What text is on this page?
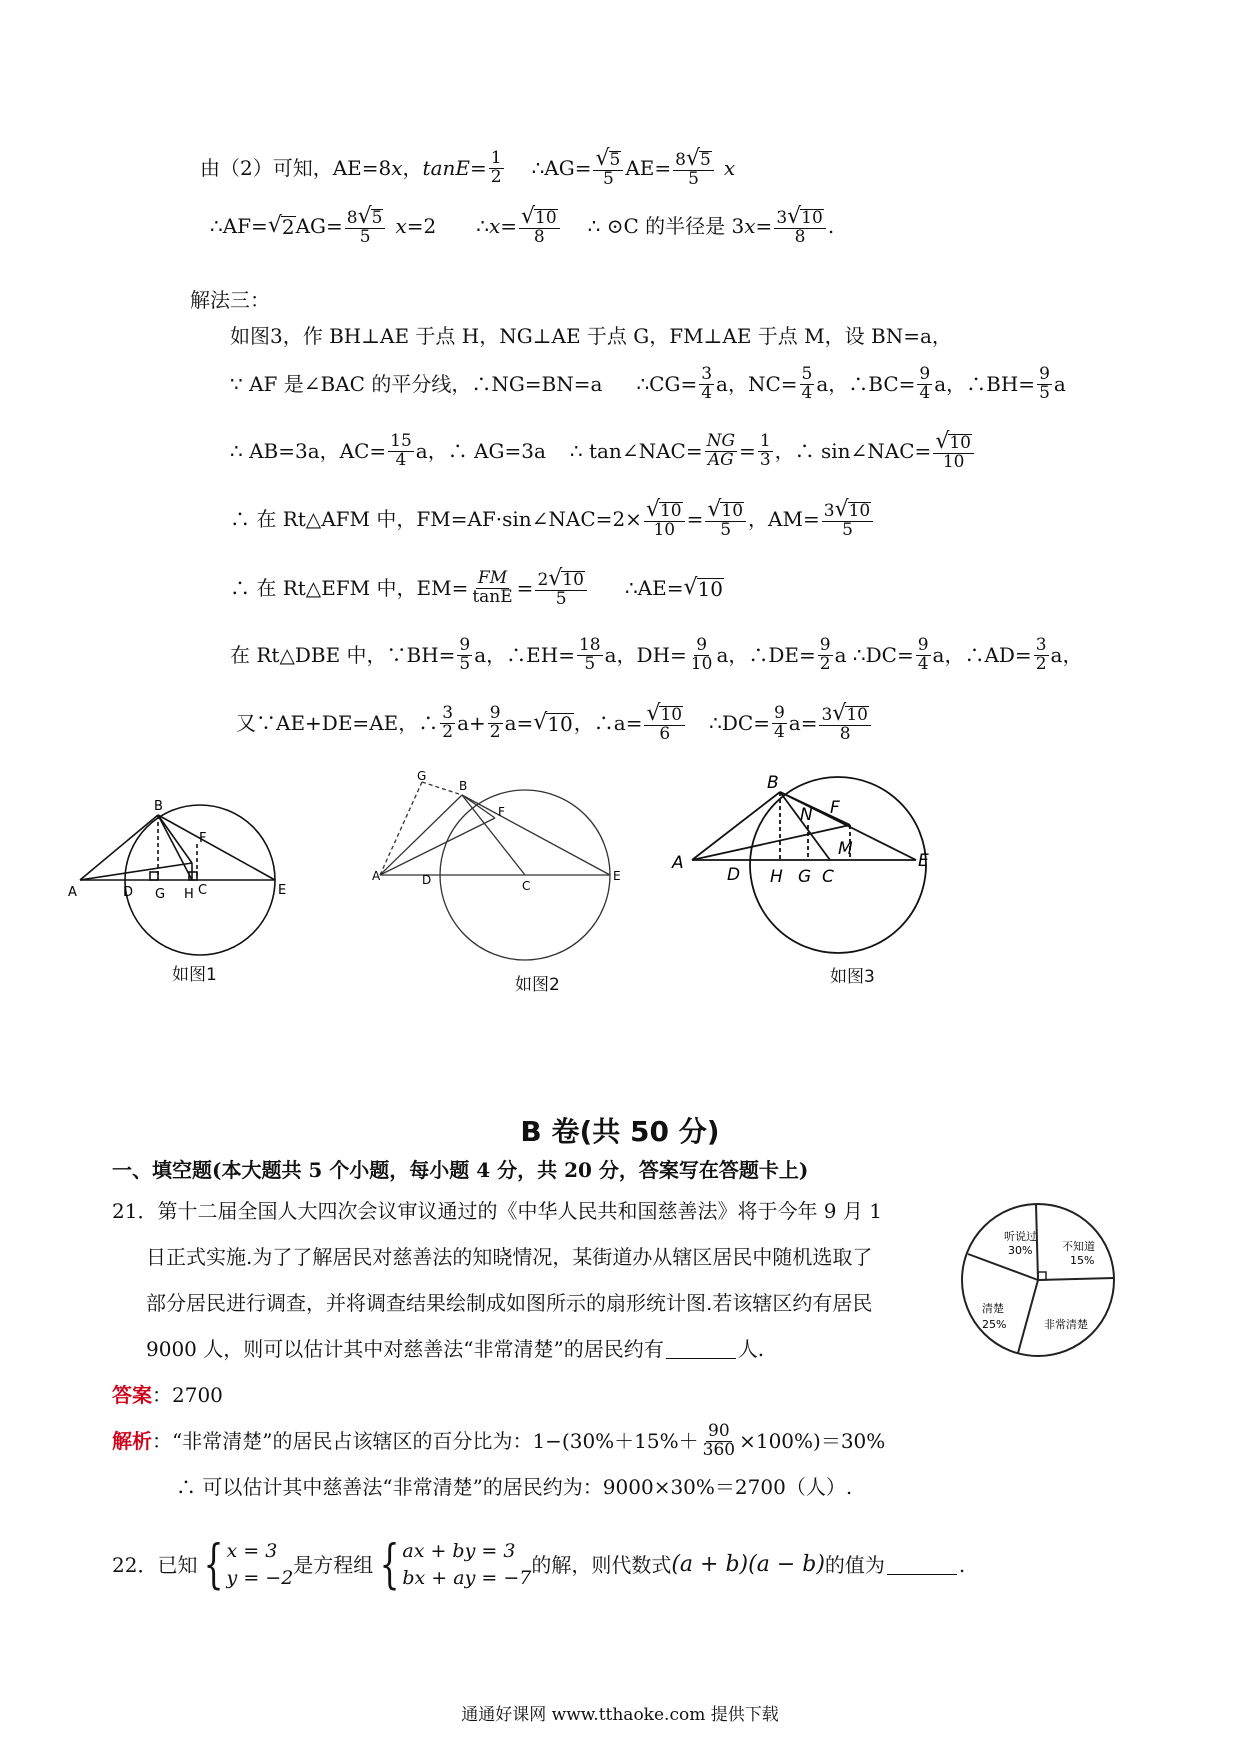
由（2）可知，AE=8 x ， $\tan E = \frac{1}{2}$ ∴AG= $\frac{√5}{5} AE= \frac{8√5}{5}$ x
∴AF= √ 2 $AG= \frac{8√5}{5}$ x =2 ∴ $x = \frac{√10}{8}$ ∴ ⊙C 的半径是 3 $x = \frac{3√10}{8}$ .
解法三：
如图3，作 BH⊥AE 于点 H，NG⊥AE 于点 G，FM⊥AE 于点 M，设 BN=a，
∵ AF 是∠BAC 的平分线，∴NG=BN=a ∴CG= $\frac{3}{4}$ a，$NC= \frac{5}{4}$ a，∴BC= $\frac{9}{4}$ a，∴BH= $\frac{9}{5}$ a
∴ AB=3a，$AC= \frac{15}{4}$ a，∴ AG=3a ∴ tan∠NAC= $\frac{NG}{AG} = \frac{1}{3}$ ，∴ sin∠NAC= $\frac{√10}{10}$
∴ 在 Rt△AFM 中，FM=AF·sin∠NAC=2× $\frac{√10}{10} = \frac{√10}{5}$ ，$AM= \frac{3√10}{5}$
∴ 在 Rt△EFM 中，$EM= \frac{FM}{\tan E} = \frac{2√10}{5}$ ∴AE= √ 10
在 Rt△DBE 中，∵BH= $\frac{9}{5}$ a，∴EH= $\frac{18}{5}$ a，$DH= \frac{9}{10}$ a，∴DE= $\frac{9}{2}$ a ∴DC= $\frac{9}{4}$ a，∴AD= $\frac{3}{2}$ a，
又∵AE+DE=AE，∴ 3
2 $a+ \frac{9}{2} a=$ √ 10 ，∴a= $\frac{√10}{6}$ ∴DC= $\frac{9}{4} a= \frac{3√10}{8}$
A
B
D G H C
F
E
如图1
G
B
F
A	D	C
E
如图2
B
N F
A
D H G C
M
E
如图3
B 卷(共 50 分)
一、填空题(本大题共 5 个小题，每小题 4 分，共 20 分，答案写在答题卡上)
21．第十二届全国人大四次会议审议通过的《中华人民共和国慈善法》将于今年 9 月 1
日正式实施.为了了解居民对慈善法的知晓情况，某街道办从辖区居民中随机选取了
部分居民进行调查，并将调查结果绘制成如图所示的扇形统计图.若该辖区约有居民
9000 人，则可以估计其中对慈善法“非常清楚”的居民约有	人.
答案 ：2700
解析 ：“非常清楚”的居民占该辖区的百分比为：$1-(30\%+15\%+ \frac{90}{360} \times 100\%)=30\%$
∴ 可以估计其中慈善法“非常清楚”的居民约为：9000×30%＝2700（人）.
听说过
30%	不知道
15%
非常清楚
清楚
25%
22．已知 { x = 3
y = −2
是方程组 { ax + by = 3
bx + ay = −7
的解，则代数式 (a + b)(a − b) 的值为	.
通通好课网 www.tthaoke.com 提供下载
